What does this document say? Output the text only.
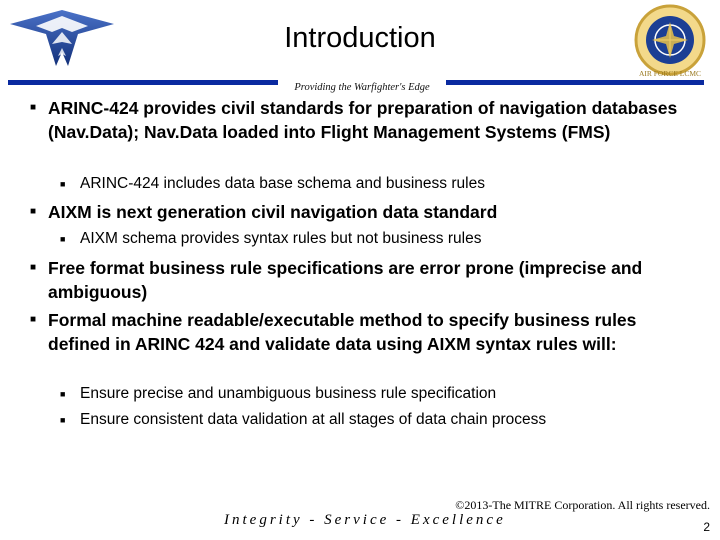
AIR FORCE LCMC
Introduction
Providing the Warfighter's Edge
■ ARINC-424 provides civil standards for preparation of navigation databases (Nav.Data); Nav.Data loaded into Flight Management Systems (FMS)
■ ARINC-424 includes data base schema and business rules
■ AIXM is next generation civil navigation data standard
■ AIXM schema provides syntax rules but not business rules
■ Free format business rule specifications are error prone (imprecise and ambiguous)
■ Formal machine readable/executable method to specify business rules defined in ARINC 424 and validate data using AIXM syntax rules will:
■ Ensure precise and unambiguous business rule specification
■ Ensure consistent data validation at all stages of data chain process
©2013-The MITRE Corporation. All rights reserved.
Integrity - Service - Excellence	2
